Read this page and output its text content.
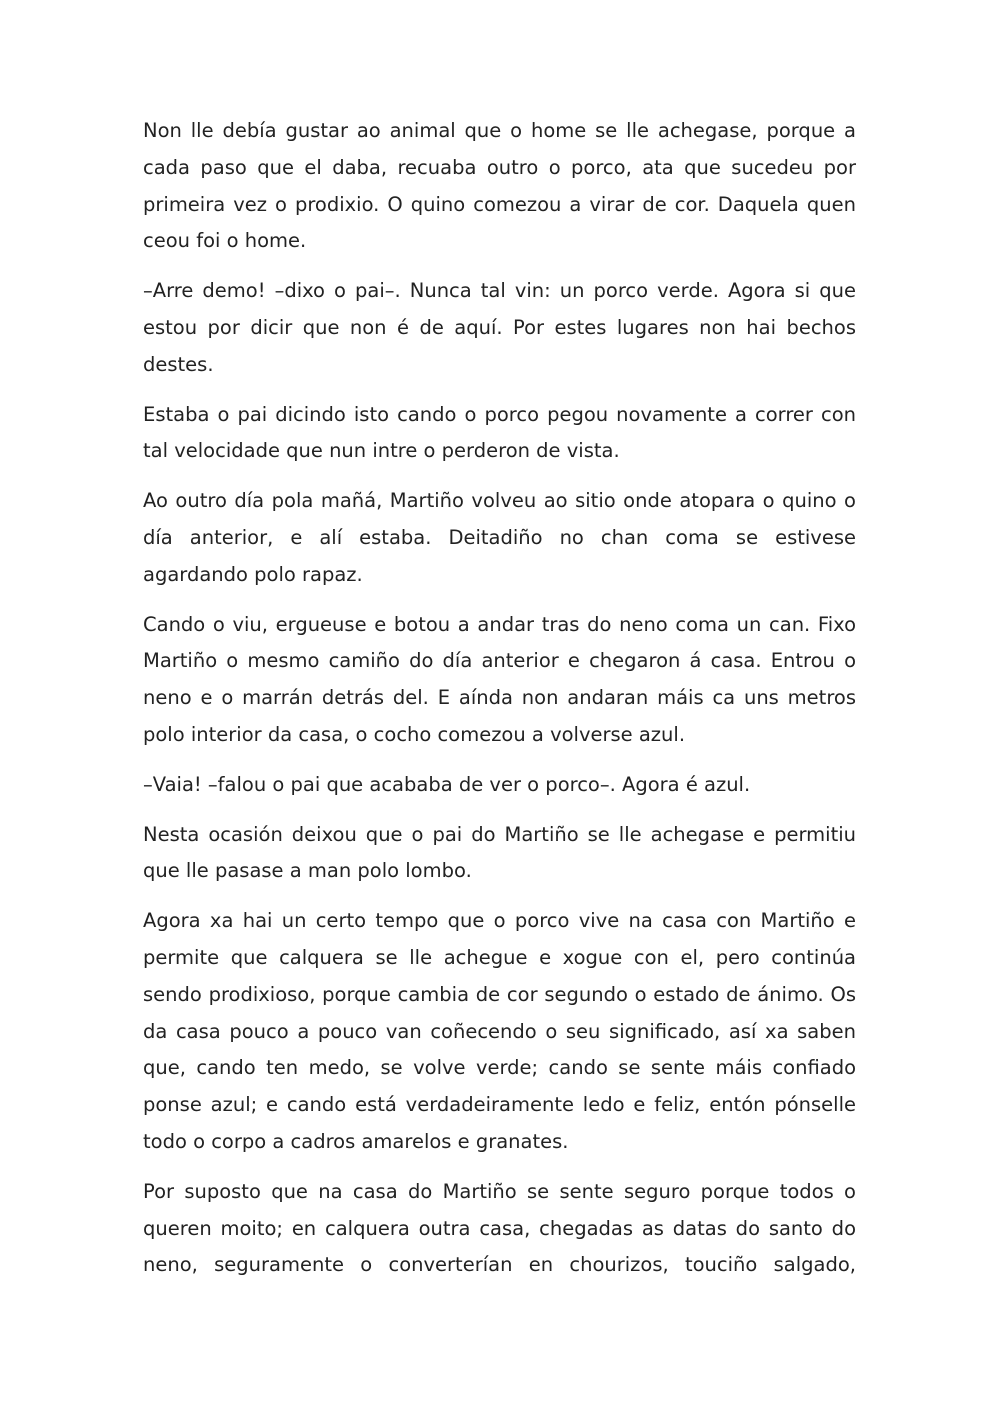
Non lle debía gustar ao animal que o home se lle achegase, porque a cada paso que el daba, recuaba outro o porco, ata que sucedeu por primeira vez o prodixio. O quino comezou a virar de cor. Daquela quen ceou foi o home.

–Arre demo! –dixo o pai–. Nunca tal vin: un porco verde. Agora si que estou por dicir que non é de aquí. Por estes lugares non hai bechos destes.

Estaba o pai dicindo isto cando o porco pegou novamente a correr con tal velocidade que nun intre o perderon de vista.

Ao outro día pola mañá, Martiño volveu ao sitio onde atopara o quino o día anterior, e alí estaba. Deitadiño no chan coma se estivese agardando polo rapaz.

Cando o viu, ergueuse e botou a andar tras do neno coma un can. Fixo Martiño o mesmo camiño do día anterior e chegaron á casa. Entrou o neno e o marrán detrás del. E aínda non andaran máis ca uns metros polo interior da casa, o cocho comezou a volverse azul.

–Vaia! –falou o pai que acababa de ver o porco–. Agora é azul.

Nesta ocasión deixou que o pai do Martiño se lle achegase e permitiu que lle pasase a man polo lombo.

Agora xa hai un certo tempo que o porco vive na casa con Martiño e permite que calquera se lle achegue e xogue con el, pero continúa sendo prodixioso, porque cambia de cor segundo o estado de ánimo. Os da casa pouco a pouco van coñecendo o seu significado, así xa saben que, cando ten medo, se volve verde; cando se sente máis confiado ponse azul; e cando está verdadeiramente ledo e feliz, entón pónselle todo o corpo a cadros amarelos e granates.

Por suposto que na casa do Martiño se sente seguro porque todos o queren moito; en calquera outra casa, chegadas as datas do santo do neno, seguramente o converterían en chourizos, touciño salgado,
